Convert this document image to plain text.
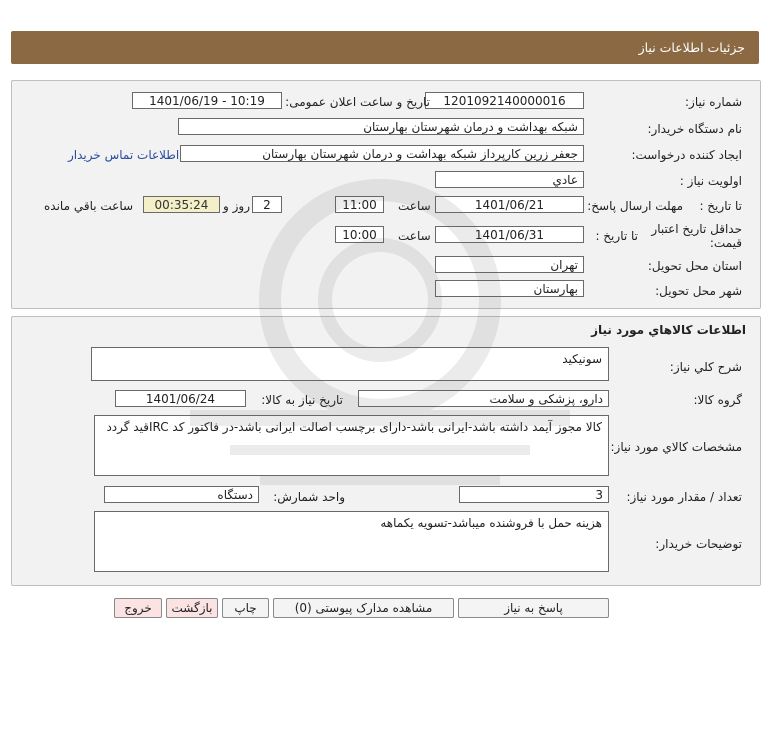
جزئیات اطلاعات نیاز
شماره نیاز:
1201092140000016
تاریخ و ساعت اعلان عمومی:
1401/06/19 - 10:19
نام دستگاه خریدار:
شبکه بهداشت و درمان شهرستان بهارستان
ایجاد کننده درخواست:
جعفر زرین کارپرداز شبکه بهداشت و درمان شهرستان بهارستان
اطلاعات تماس خریدار
اولویت نیاز :
عادي
مهلت ارسال پاسخ: تا تاریخ :
1401/06/21
ساعت
11:00
2
روز و
00:35:24
ساعت باقي مانده
حداقل تاریخ اعتبار
قیمت:
تا تاریخ :
1401/06/31
ساعت
10:00
استان محل تحویل:
تهران
شهر محل تحویل:
بهارستان
اطلاعات كالاهاي مورد نياز
شرح کلي نياز:
سونیکید
گروه کالا:
دارو، پزشکی و سلامت
تاریخ نیاز به کالا:
1401/06/24
مشخصات کالاي مورد نياز:
کالا مجوز آیمد داشته باشد-ایرانی باشد-دارای برچسب اصالت ایرانی باشد-در فاکتور کد IRCقید گردد
تعداد / مقدار مورد نیاز:
3
واحد شمارش:
دستگاه
توضیحات خریدار:
هزینه حمل با فروشنده میباشد-تسویه یکماهه
پاسخ به نياز
مشاهده مدارک پیوستی (0)
چاپ
بازگشت
خروج
